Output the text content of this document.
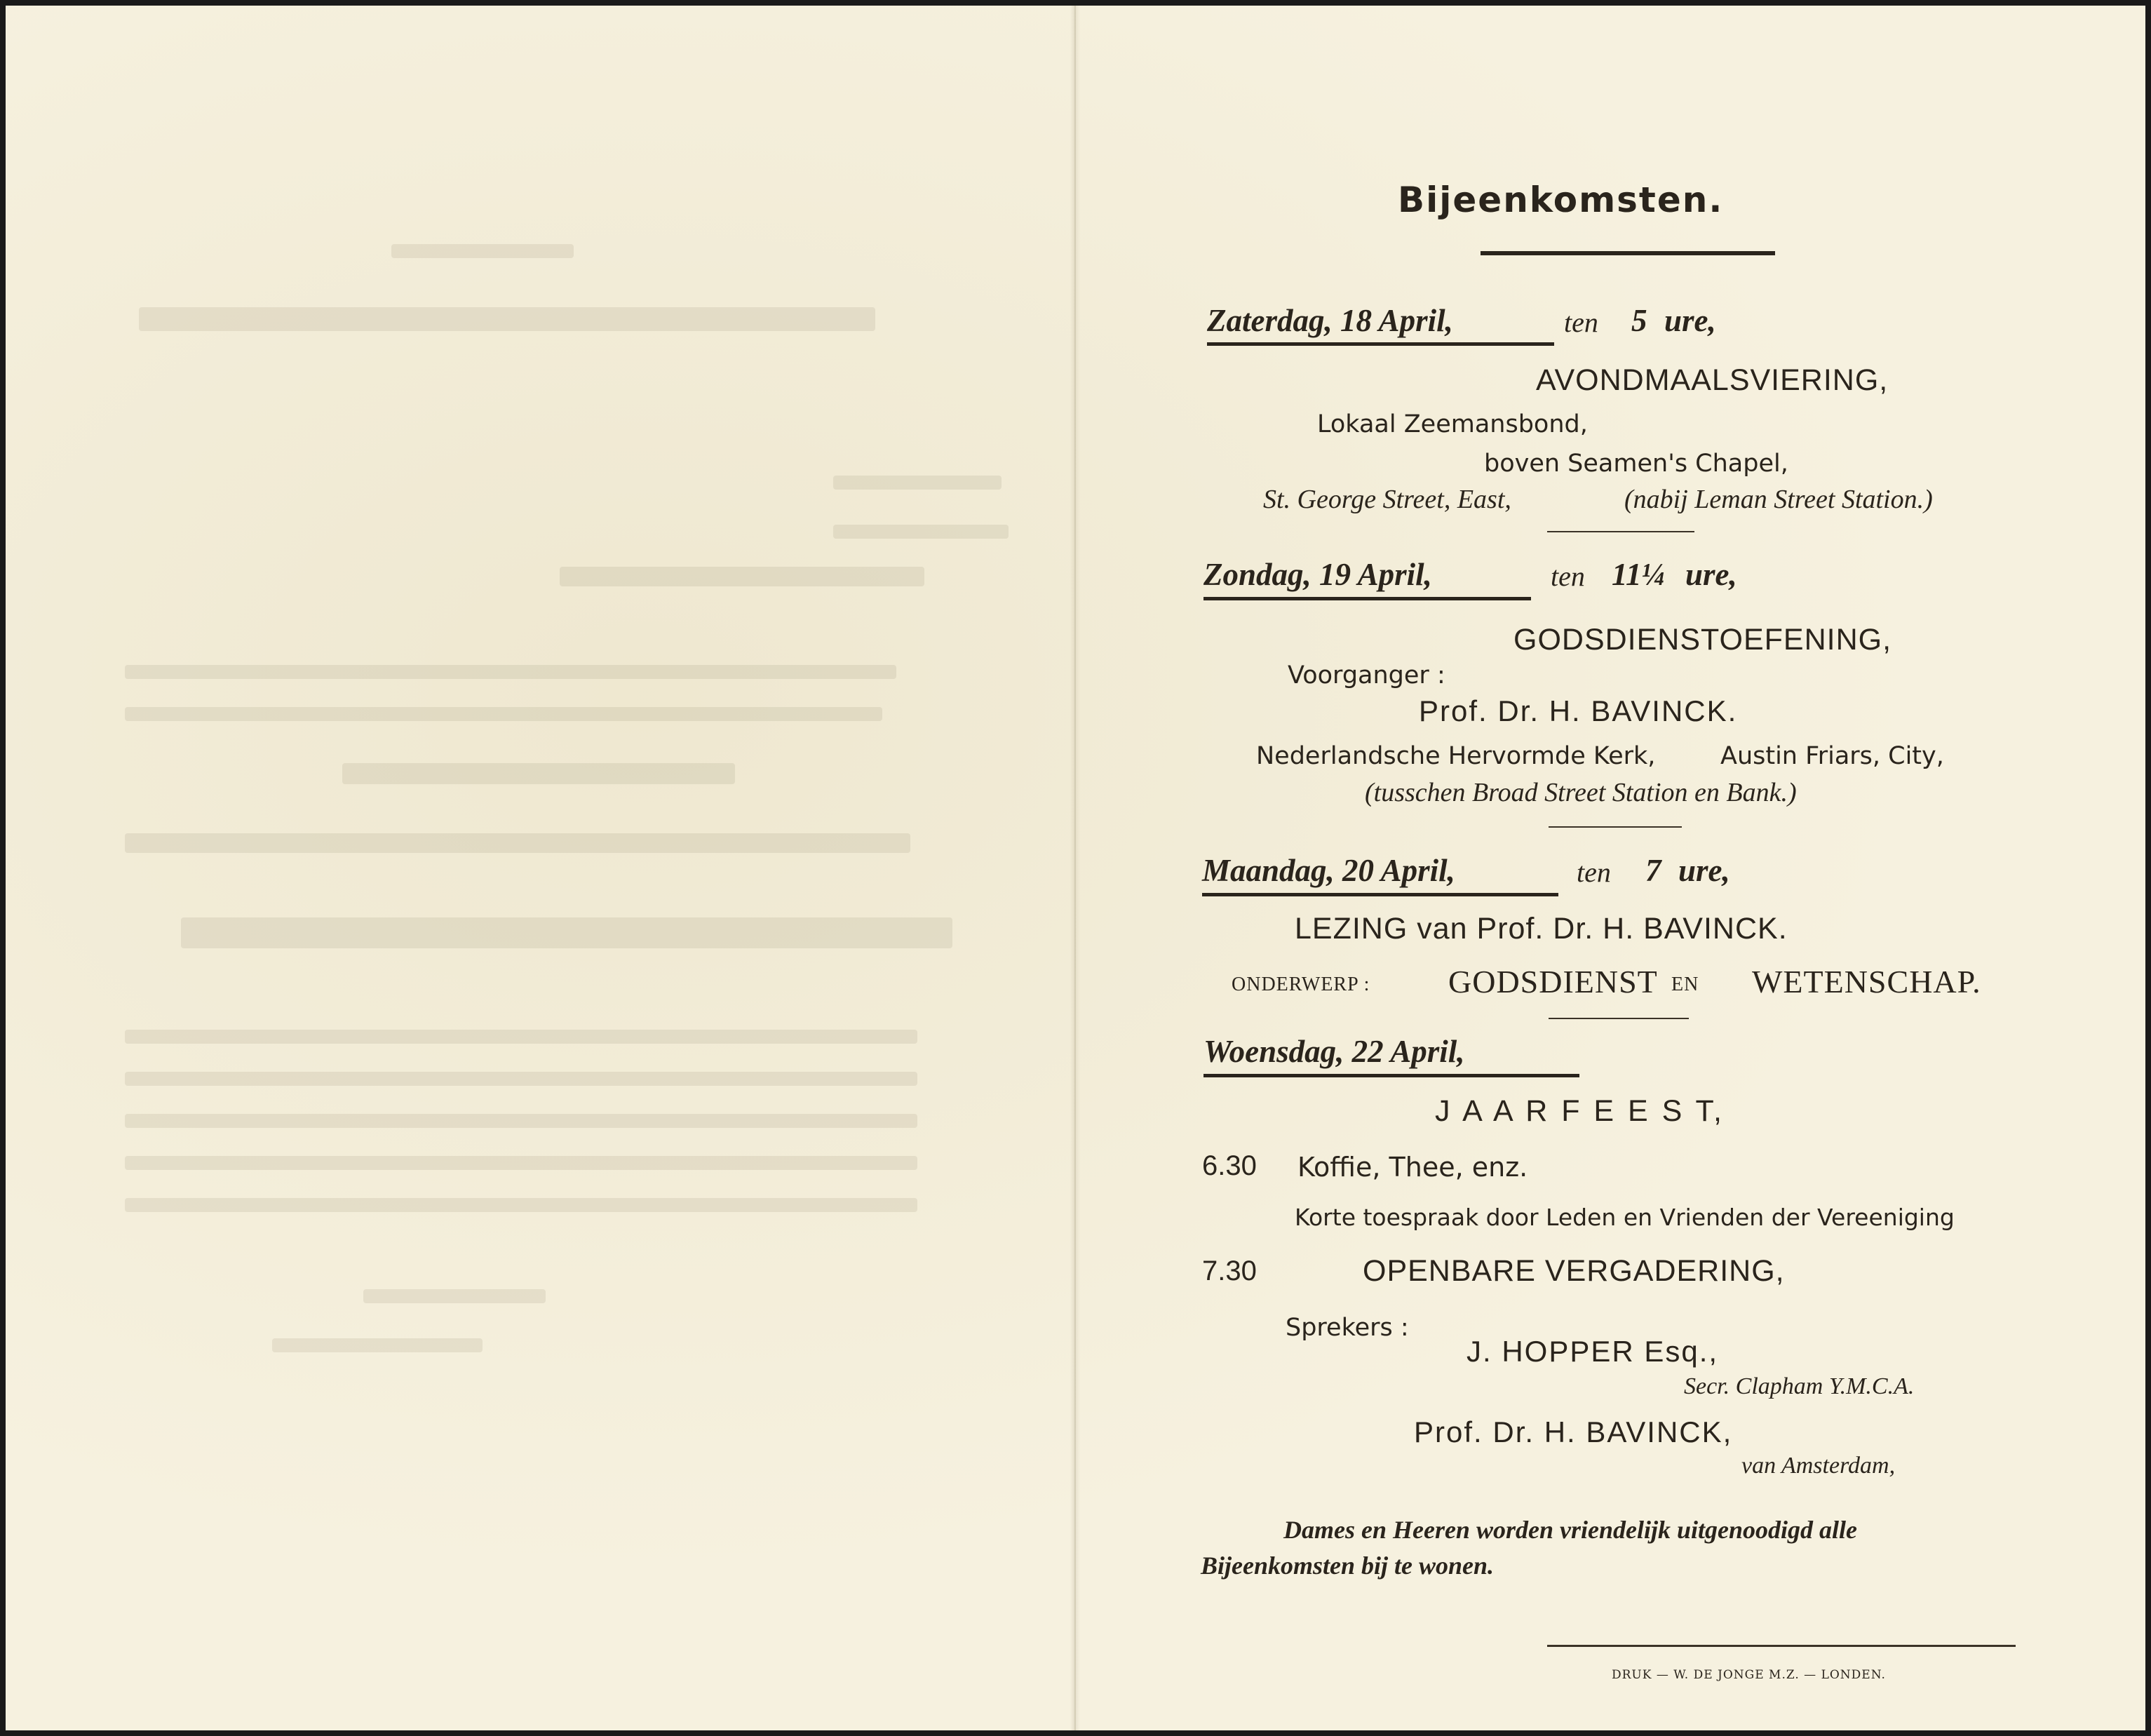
Bijeenkomsten.
Zaterdag, 18 April,	ten 5 ure,
AVONDMAALSVIERING,
Lokaal Zeemansbond,
boven Seamen's Chapel,
St. George Street, East,	(nabij Leman Street Station.)
Zondag, 19 April,	ten 11¼ ure,
GODSDIENSTOEFENING,
Voorganger :
Prof. Dr. H. BAVINCK.
Nederlandsche Hervormde Kerk,	Austin Friars, City,
(tusschen Broad Street Station en Bank.)
Maandag, 20 April,	ten 7 ure,
LEZING van Prof. Dr. H. BAVINCK.
ONDERWERP : GODSDIENST EN WETENSCHAP.
Woensdag, 22 April,
J A A R F E E S T,
6.30 Koffie, Thee, enz.
Korte toespraak door Leden en Vrienden der Vereeniging
7.30	OPENBARE VERGADERING,
Sprekers :
J. HOPPER Esq.,
Secr. Clapham Y.M.C.A.
Prof. Dr. H. BAVINCK,
van Amsterdam,
Dames en Heeren worden vriendelijk uitgenoodigd alle
Bijeenkomsten bij te wonen.
DRUK — W. DE JONGE M.Z. — LONDEN.
